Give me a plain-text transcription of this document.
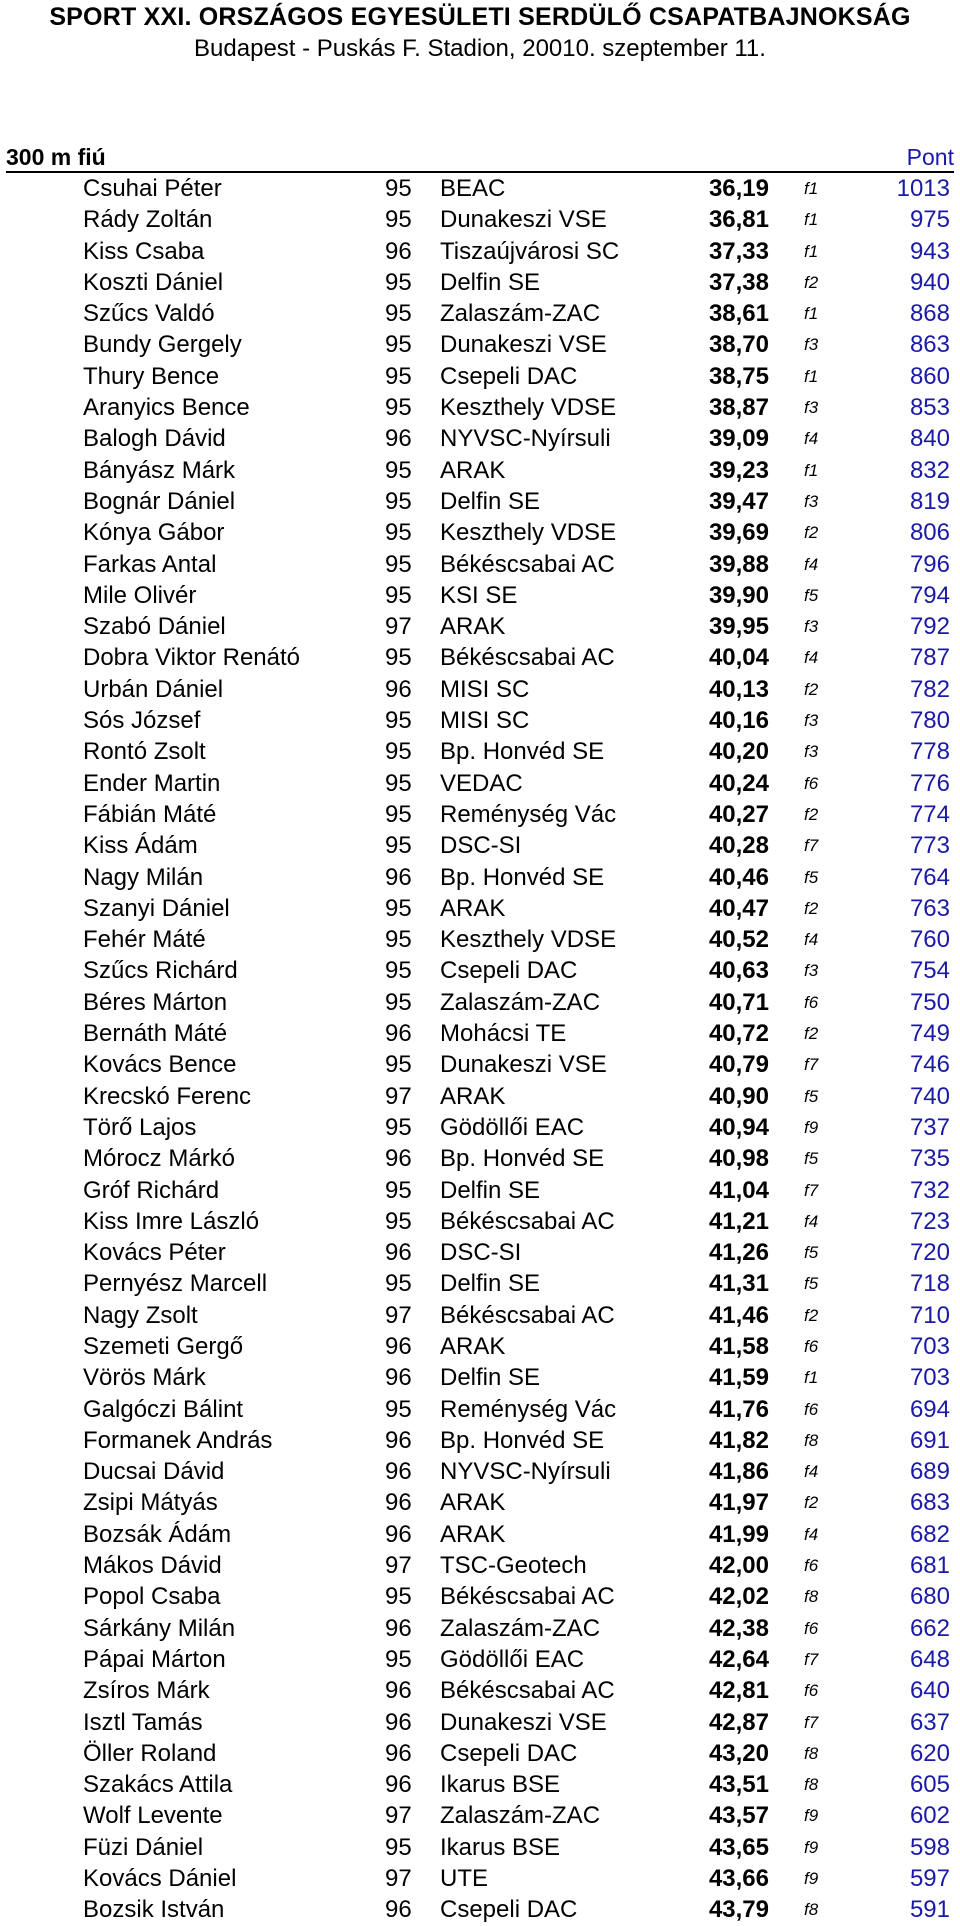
SPORT XXI. ORSZÁGOS EGYESÜLETI SERDÜLŐ CSAPATBAJNOKSÁG
Budapest - Puskás F. Stadion, 20010. szeptember 11.
300 m fiú	Pont
Csuhai Péter	95 BEAC	36,19 f1	1013
Rády Zoltán	95 Dunakeszi VSE	36,81 f1	975
Kiss Csaba	96 Tiszaújvárosi SC	37,33 f1	943
Koszti Dániel	95 Delfin SE	37,38 f2	940
Szűcs Valdó	95 Zalaszám-ZAC	38,61 f1	868
Bundy Gergely	95 Dunakeszi VSE	38,70 f3	863
Thury Bence	95 Csepeli DAC	38,75 f1	860
Aranyics Bence	95 Keszthely VDSE	38,87 f3	853
Balogh Dávid	96 NYVSC-Nyírsuli	39,09 f4	840
Bányász Márk	95 ARAK	39,23 f1	832
Bognár Dániel	95 Delfin SE	39,47 f3	819
Kónya Gábor	95 Keszthely VDSE	39,69 f2	806
Farkas Antal	95 Békéscsabai AC	39,88 f4	796
Mile Olivér	95 KSI SE	39,90 f5	794
Szabó Dániel	97 ARAK	39,95 f3	792
Dobra Viktor Renátó	95 Békéscsabai AC	40,04 f4	787
Urbán Dániel	96 MISI SC	40,13 f2	782
Sós József	95 MISI SC	40,16 f3	780
Rontó Zsolt	95 Bp. Honvéd SE	40,20 f3	778
Ender Martin	95 VEDAC	40,24 f6	776
Fábián Máté	95 Reménység Vác	40,27 f2	774
Kiss Ádám	95 DSC-SI	40,28 f7	773
Nagy Milán	96 Bp. Honvéd SE	40,46 f5	764
Szanyi Dániel	95 ARAK	40,47 f2	763
Fehér Máté	95 Keszthely VDSE	40,52 f4	760
Szűcs Richárd	95 Csepeli DAC	40,63 f3	754
Béres Márton	95 Zalaszám-ZAC	40,71 f6	750
Bernáth Máté	96 Mohácsi TE	40,72 f2	749
Kovács Bence	95 Dunakeszi VSE	40,79 f7	746
Krecskó Ferenc	97 ARAK	40,90 f5	740
Törő Lajos	95 Gödöllői EAC	40,94 f9	737
Mórocz Márkó	96 Bp. Honvéd SE	40,98 f5	735
Gróf Richárd	95 Delfin SE	41,04 f7	732
Kiss Imre László	95 Békéscsabai AC	41,21 f4	723
Kovács Péter	96 DSC-SI	41,26 f5	720
Pernyész Marcell	95 Delfin SE	41,31 f5	718
Nagy Zsolt	97 Békéscsabai AC	41,46 f2	710
Szemeti Gergő	96 ARAK	41,58 f6	703
Vörös Márk	96 Delfin SE	41,59 f1	703
Galgóczi Bálint	95 Reménység Vác	41,76 f6	694
Formanek András	96 Bp. Honvéd SE	41,82 f8	691
Ducsai Dávid	96 NYVSC-Nyírsuli	41,86 f4	689
Zsipi Mátyás	96 ARAK	41,97 f2	683
Bozsák Ádám	96 ARAK	41,99 f4	682
Mákos Dávid	97 TSC-Geotech	42,00 f6	681
Popol Csaba	95 Békéscsabai AC	42,02 f8	680
Sárkány Milán	96 Zalaszám-ZAC	42,38 f6	662
Pápai Márton	95 Gödöllői EAC	42,64 f7	648
Zsíros Márk	96 Békéscsabai AC	42,81 f6	640
Isztl Tamás	96 Dunakeszi VSE	42,87 f7	637
Öller Roland	96 Csepeli DAC	43,20 f8	620
Szakács Attila	96 Ikarus BSE	43,51 f8	605
Wolf Levente	97 Zalaszám-ZAC	43,57 f9	602
Füzi Dániel	95 Ikarus BSE	43,65 f9	598
Kovács Dániel	97 UTE	43,66 f9	597
Bozsik István	96 Csepeli DAC	43,79 f8	591
